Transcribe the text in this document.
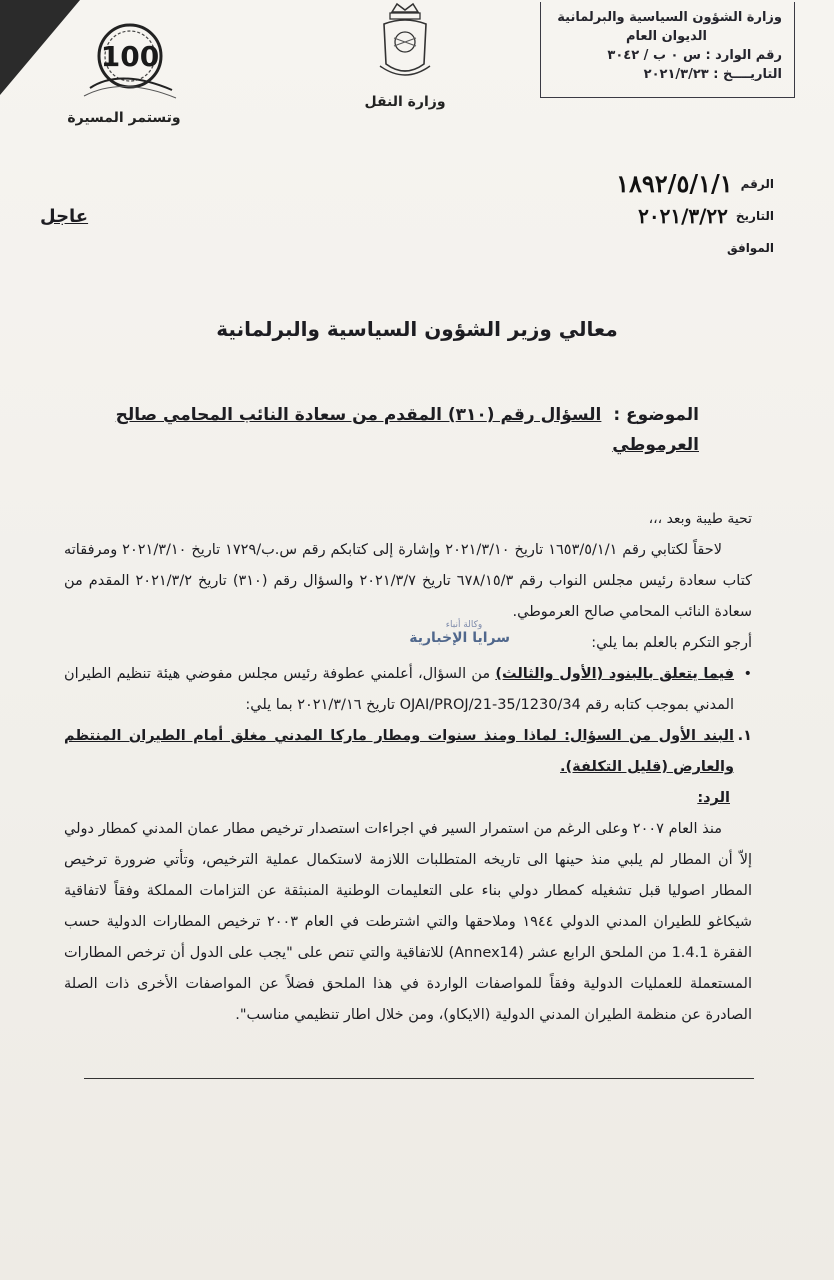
100
وتستمر المسيرة
وزارة النقل
وزارة الشؤون السياسية والبرلمانية
الديوان العام
رقم الوارد : س ٠ ب / ٣٠٤٢
التاريــــخ : ٢٠٢١/٣/٢٣
الرقم
١٨٩٢/٥/١/١
التاريخ
٢٠٢١/٣/٢٢
الموافق
عاجل
معالي وزير الشؤون السياسية والبرلمانية
الموضوع : السؤال رقم (٣١٠) المقدم من سعادة النائب المحامي صالح العرموطي

تحية طيبة وبعد ،،،

لاحقاً لكتابي رقم ١٦٥٣/٥/١/١ تاريخ ٢٠٢١/٣/١٠ وإشارة إلى كتابكم رقم س.ب/١٧٢٩ تاريخ ٢٠٢١/٣/١٠ ومرفقاته كتاب سعادة رئيس مجلس النواب رقم ٦٧٨/١٥/٣ تاريخ ٢٠٢١/٣/٧ والسؤال رقم (٣١٠) تاريخ ٢٠٢١/٣/٢ المقدم من سعادة النائب المحامي صالح العرموطي.

أرجو التكرم بالعلم بما يلي:

•

فيما يتعلق بالبنود (الأول والثالث) من السؤال، أعلمني عطوفة رئيس مجلس مفوضي هيئة تنظيم الطيران المدني بموجب كتابه رقم 34/OJAI/PROJ/21-35/1230 تاريخ ٢٠٢١/٣/١٦ بما يلي:

١.

البند الأول من السؤال: لماذا ومنذ سنوات ومطار ماركا المدني مغلق أمام الطيران المنتظم والعارض (قليل التكلفة).

الرد:

منذ العام ٢٠٠٧ وعلى الرغم من استمرار السير في اجراءات استصدار ترخيص مطار عمان المدني كمطار دولي إلاّ أن المطار لم يلبي منذ حينها الى تاريخه المتطلبات اللازمة لاستكمال عملية الترخيص، وتأتي ضرورة ترخيص المطار اصوليا قبل تشغيله كمطار دولي بناء على التعليمات الوطنية المنبثقة عن التزامات المملكة وفقاً لاتفاقية شيكاغو للطيران المدني الدولي ١٩٤٤ وملاحقها والتي اشترطت في العام ٢٠٠٣ ترخيص المطارات الدولية حسب الفقرة 1.4.1 من الملحق الرابع عشر (Annex14) للاتفاقية والتي تنص على "يجب على الدول أن ترخص المطارات المستعملة للعمليات الدولية وفقاً للمواصفات الواردة في هذا الملحق فضلاً عن المواصفات الأخرى ذات الصلة الصادرة عن منظمة الطيران المدني الدولية (الايكاو)، ومن خلال اطار تنظيمي مناسب".

وكالة أنباء
سرايا الإخبارية
